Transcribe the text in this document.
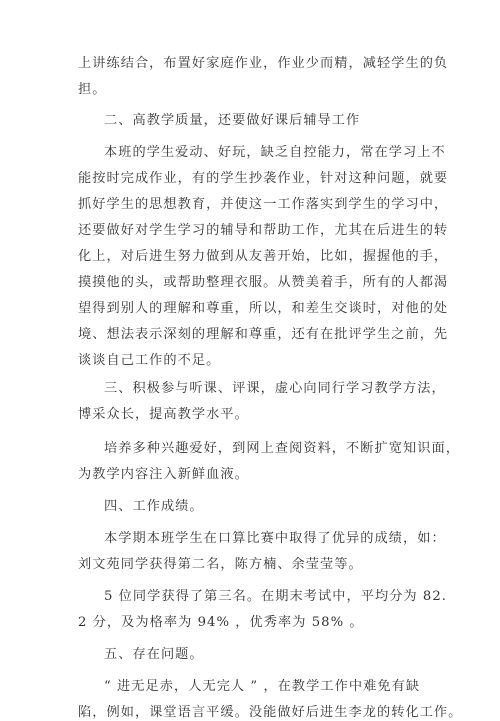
上讲练结合，布置好家庭作业，作业少而精，减轻学生的负
担。
二、高教学质量，还要做好课后辅导工作
本班的学生爱动、好玩，缺乏自控能力，常在学习上不
能按时完成作业，有的学生抄袭作业，针对这种问题，就要
抓好学生的思想教育，并使这一工作落实到学生的学习中，
还要做好对学生学习的辅导和帮助工作，尤其在后进生的转
化上，对后进生努力做到从友善开始，比如，握握他的手，
摸摸他的头，或帮助整理衣服。从赞美着手，所有的人都渴
望得到别人的理解和尊重，所以，和差生交谈时，对他的处
境、想法表示深刻的理解和尊重，还有在批评学生之前，先
谈谈自己工作的不足。
三、积极参与听课、评课，虚心向同行学习教学方法，
博采众长，提高教学水平。
培养多种兴趣爱好，到网上查阅资料，不断扩宽知识面，
为教学内容注入新鲜血液。
四、工作成绩。
本学期本班学生在口算比赛中取得了优异的成绩，如：
刘文苑同学获得第二名，陈方楠、余莹莹等。
5 位同学获得了第三名。在期末考试中，平均分为 82.
2 分，及为格率为 94% ，优秀率为 58% 。
五、存在问题。
“ 进无足赤，人无完人 ” ，在教学工作中难免有缺
陷，例如，课堂语言平缓。没能做好后进生李龙的转化工作。
